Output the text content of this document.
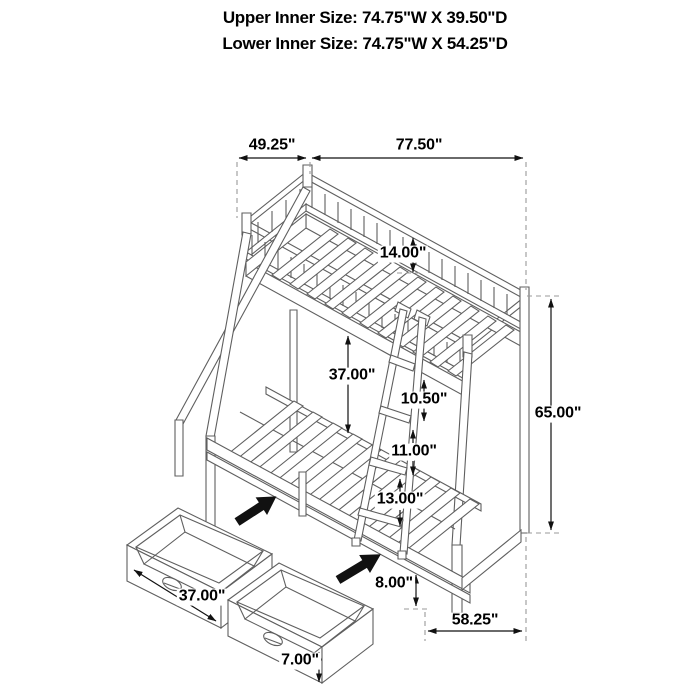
Upper Inner Size: 74.75"W X 39.50"D
Lower Inner Size: 74.75"W X 54.25"D
49.25"	77.50"
14.00"
37.00"
10.50"
65.00"
11.00"
13.00"
8.00"
58.25"
37.00"
7.00"
